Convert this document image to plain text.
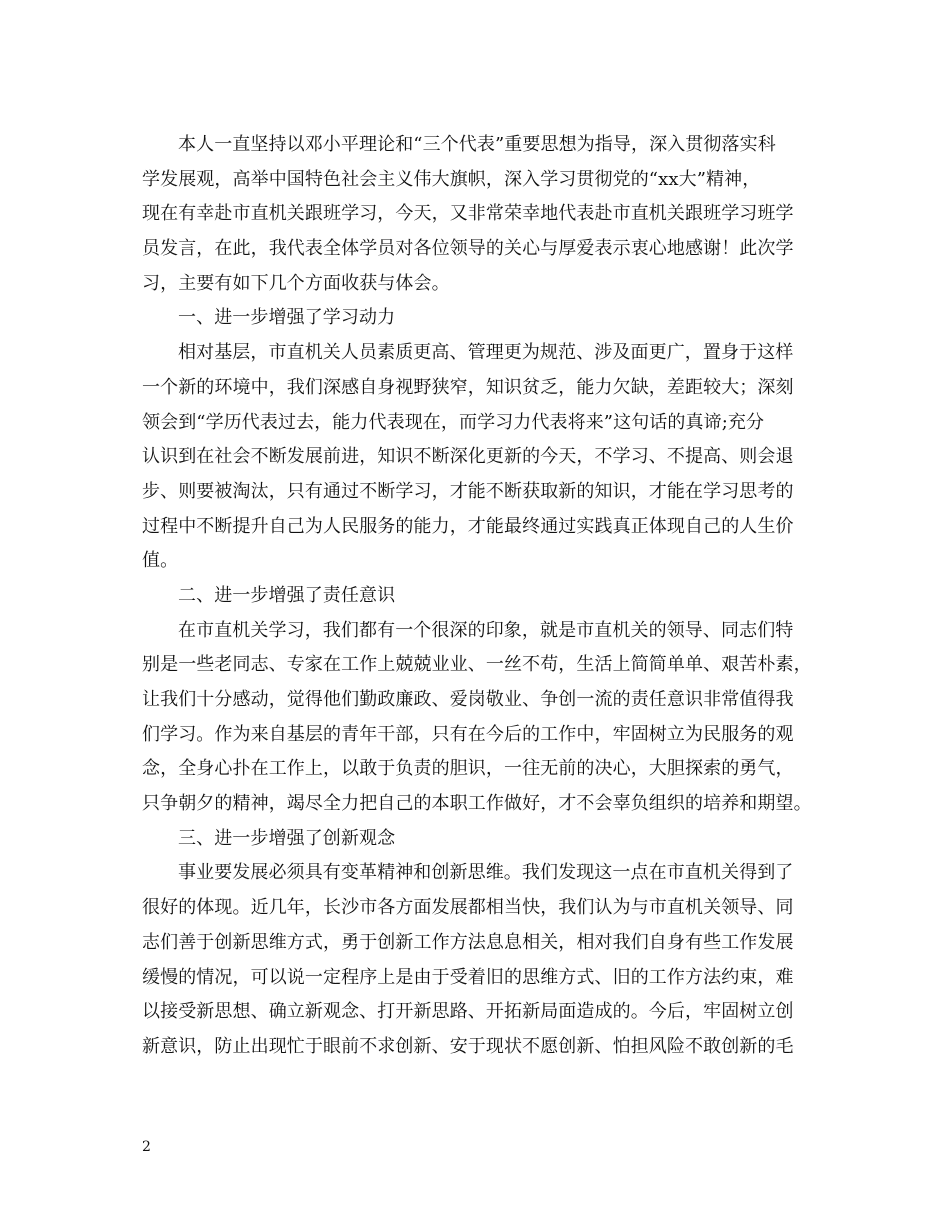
本人一直坚持以邓小平理论和“三个代表”重要思想为指导，深入贯彻落实科
学发展观，高举中国特色社会主义伟大旗帜，深入学习贯彻党的“xx大”精神，
现在有幸赴市直机关跟班学习，今天，又非常荣幸地代表赴市直机关跟班学习班学
员发言，在此，我代表全体学员对各位领导的关心与厚爱表示衷心地感谢！此次学
习，主要有如下几个方面收获与体会。
一、进一步增强了学习动力
相对基层，市直机关人员素质更高、管理更为规范、涉及面更广，置身于这样
一个新的环境中，我们深感自身视野狭窄，知识贫乏，能力欠缺，差距较大；深刻
领会到“学历代表过去，能力代表现在，而学习力代表将来”这句话的真谛;充分
认识到在社会不断发展前进，知识不断深化更新的今天，不学习、不提高、则会退
步、则要被淘汰，只有通过不断学习，才能不断获取新的知识，才能在学习思考的
过程中不断提升自己为人民服务的能力，才能最终通过实践真正体现自己的人生价
值。
二、进一步增强了责任意识
在市直机关学习，我们都有一个很深的印象，就是市直机关的领导、同志们特
别是一些老同志、专家在工作上兢兢业业、一丝不苟，生活上简简单单、艰苦朴素，
让我们十分感动，觉得他们勤政廉政、爱岗敬业、争创一流的责任意识非常值得我
们学习。作为来自基层的青年干部，只有在今后的工作中，牢固树立为民服务的观
念，全身心扑在工作上，以敢于负责的胆识，一往无前的决心，大胆探索的勇气，
只争朝夕的精神，竭尽全力把自己的本职工作做好，才不会辜负组织的培养和期望。
三、进一步增强了创新观念
事业要发展必须具有变革精神和创新思维。我们发现这一点在市直机关得到了
很好的体现。近几年，长沙市各方面发展都相当快，我们认为与市直机关领导、同
志们善于创新思维方式，勇于创新工作方法息息相关，相对我们自身有些工作发展
缓慢的情况，可以说一定程序上是由于受着旧的思维方式、旧的工作方法约束，难
以接受新思想、确立新观念、打开新思路、开拓新局面造成的。今后，牢固树立创
新意识，防止出现忙于眼前不求创新、安于现状不愿创新、怕担风险不敢创新的毛
2
